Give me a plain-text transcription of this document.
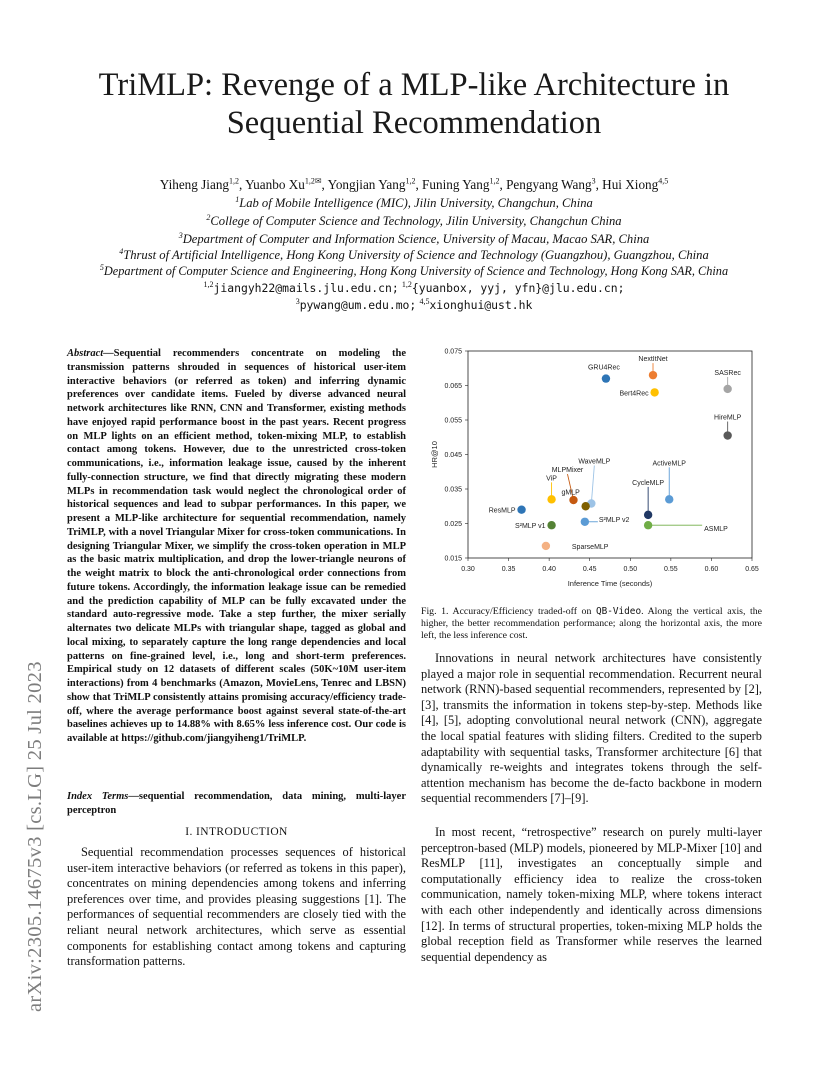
arXiv:2305.14675v3 [cs.LG] 25 Jul 2023
TriMLP: Revenge of a MLP-like Architecture in Sequential Recommendation
Yiheng Jiang$^{1,2}$, Yuanbo $Xu^{1,2✉}$, Yongjian Yang$^{1,2}$, Funing Yang$^{1,2}$, Pengyang Wang$^3$, Hui Xiong$^{4,5}$
$^1$Lab of Mobile Intelligence (MIC), Jilin University, Changchun, China
$^2$College of Computer Science and Technology, Jilin University, Changchun China
$^3$Department of Computer and Information Science, University of Macau, Macao SAR, China
$^4$Thrust of Artificial Intelligence, Hong Kong University of Science and Technology (Guangzhou), Guangzhou, China
$^5$Department of Computer Science and Engineering, Hong Kong University of Science and Technology, Hong Kong SAR, China
$^{1,2}$jiangyh22@mails.jlu.edu.cn; $^{1,2}${yuanbox, yyj, yfn}@jlu.edu.cn;
$^3$pywang@um.edu.mo; $^{4,5}$xionghui@ust.hk
Abstract—Sequential recommenders concentrate on modeling the transmission patterns shrouded in sequences of historical user-item interactive behaviors (or referred as token) and inferring dynamic preferences over candidate items. Fueled by diverse advanced neural network architectures like RNN, CNN and Transformer, existing methods have enjoyed rapid performance boost in the past years. Recent progress on MLP lights on an efficient method, token-mixing MLP, to establish contact among tokens. However, due to the unrestricted cross-token communications, i.e., information leakage issue, caused by the inherent fully-connection structure, we find that directly migrating these modern MLPs in recommendation task would neglect the chronological order of historical sequences and lead to subpar performances. In this paper, we present a MLP-like architecture for sequential recommendation, namely TriMLP, with a novel Triangular Mixer for cross-token communications. In designing Triangular Mixer, we simplify the cross-token operation in MLP as the basic matrix multiplication, and drop the lower-triangle neurons of the weight matrix to block the anti-chronological order connections from future tokens. Accordingly, the information leakage issue can be remedied and the prediction capability of MLP can be fully excavated under the standard auto-regressive mode. Take a step further, the mixer serially alternates two delicate MLPs with triangular shape, tagged as global and local mixing, to separately capture the long range dependencies and local patterns on fine-grained level, i.e., long and short-term preferences. Empirical study on 12 datasets of different scales (50K~10M user-item interactions) from 4 benchmarks (Amazon, MovieLens, Tenrec and LBSN) show that TriMLP consistently attains promising accuracy/efficiency trade-off, where the average performance boost against several state-of-the-art baselines achieves up to 14.88% with 8.65% less inference cost. Our code is available at https://github.com/jiangyiheng1/TriMLP.
Index Terms—sequential recommendation, data mining, multi-layer perceptron
I. INTRODUCTION
Sequential recommendation processes sequences of historical user-item interactive behaviors (or referred as tokens in this paper), concentrates on mining dependencies among tokens and inferring preferences over time, and provides pleasing suggestions [1]. The performances of sequential recommenders are closely tied with the reliant neural network architectures, which serve as essential components for establishing contact among tokens and capturing transformation patterns.
0.30	0.35	0.40	0.45	0.50	0.55	0.60	0.65
0.015
0.025
0.035
0.045
0.055
0.065
0.075
Inference Time (seconds)
HR@10
NextItNet
GRU4Rec
SASRec
Bert4Rec
HireMLP
WaveMLP
MLPMixer
ViP
gMLP
ActiveMLP
CycleMLP
ResMLP
S²MLP v1
S²MLP v2
ASMLP
SparseMLP
Fig. 1. Accuracy/Efficiency traded-off on QB-Video. Along the vertical axis, the higher, the better recommendation performance; along the horizontal axis, the more left, the less inference cost.
Innovations in neural network architectures have consistently played a major role in sequential recommendation. Recurrent neural network (RNN)-based sequential recommenders, represented by [2], [3], transmits the information in tokens step-by-step. Methods like [4], [5], adopting convolutional neural network (CNN), aggregate the local spatial features with sliding filters. Credited to the superb adaptability with sequential tasks, Transformer architecture [6] that dynamically re-weights and integrates tokens through the self-attention mechanism has become the de-facto backbone in modern sequential recommenders [7]–[9].
In most recent, “retrospective” research on purely multi-layer perceptron-based (MLP) models, pioneered by MLP-Mixer [10] and ResMLP [11], investigates an conceptually simple and computationally efficiency idea to realize the cross-token communication, namely token-mixing MLP, where tokens interact with each other independently and identically across dimensions [12]. In terms of structural properties, token-mixing MLP holds the global reception field as Transformer while reserves the learned sequential dependency as
